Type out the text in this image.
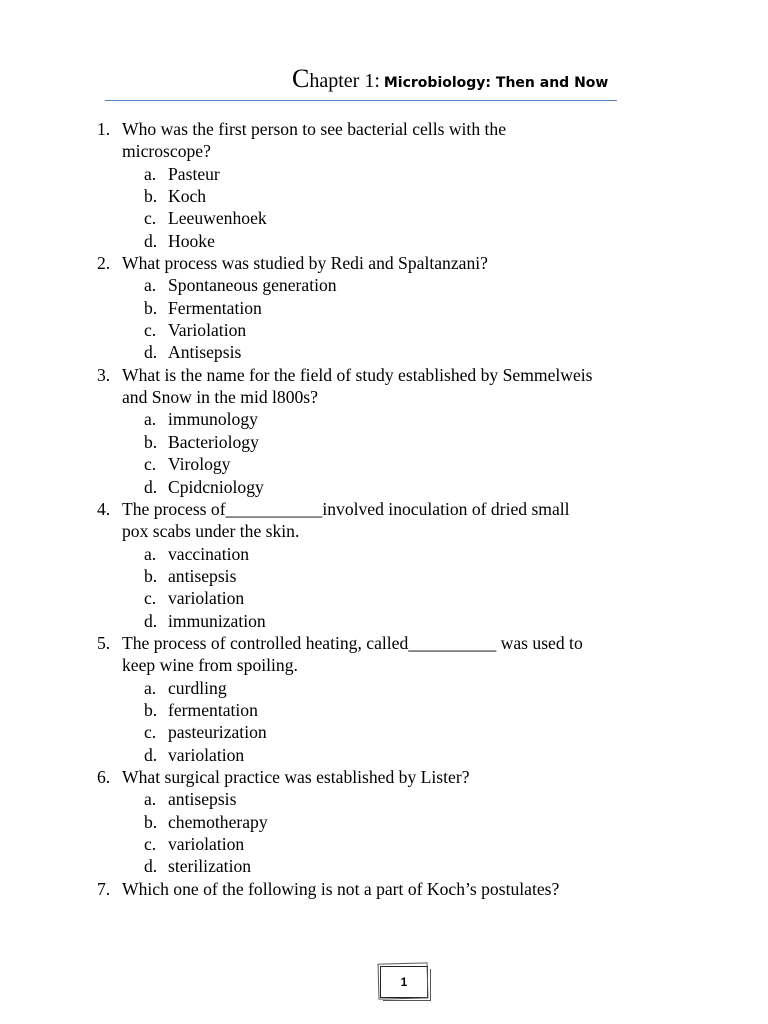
Chapter 1: Microbiology: Then and Now
1. Who was the first person to see bacterial cells with the
microscope?
a. Pasteur
b. Koch
c. Leeuwenhoek
d. Hooke
2. What process was studied by Redi and Spaltanzani?
a. Spontaneous generation
b. Fermentation
c. Variolation
d. Antisepsis
3. What is the name for the field of study established by Semmelweis
and Snow in the mid l800s?
a. immunology
b. Bacteriology
c. Virology
d. Cpidcniology
4. The process of___________involved inoculation of dried small
pox scabs under the skin.
a. vaccination
b. antisepsis
c. variolation
d. immunization
5. The process of controlled heating, called__________ was used to
keep wine from spoiling.
a. curdling
b. fermentation
c. pasteurization
d. variolation
6. What surgical practice was established by Lister?
a. antisepsis
b. chemotherapy
c. variolation
d. sterilization
7. Which one of the following is not a part of Koch’s postulates?
1
